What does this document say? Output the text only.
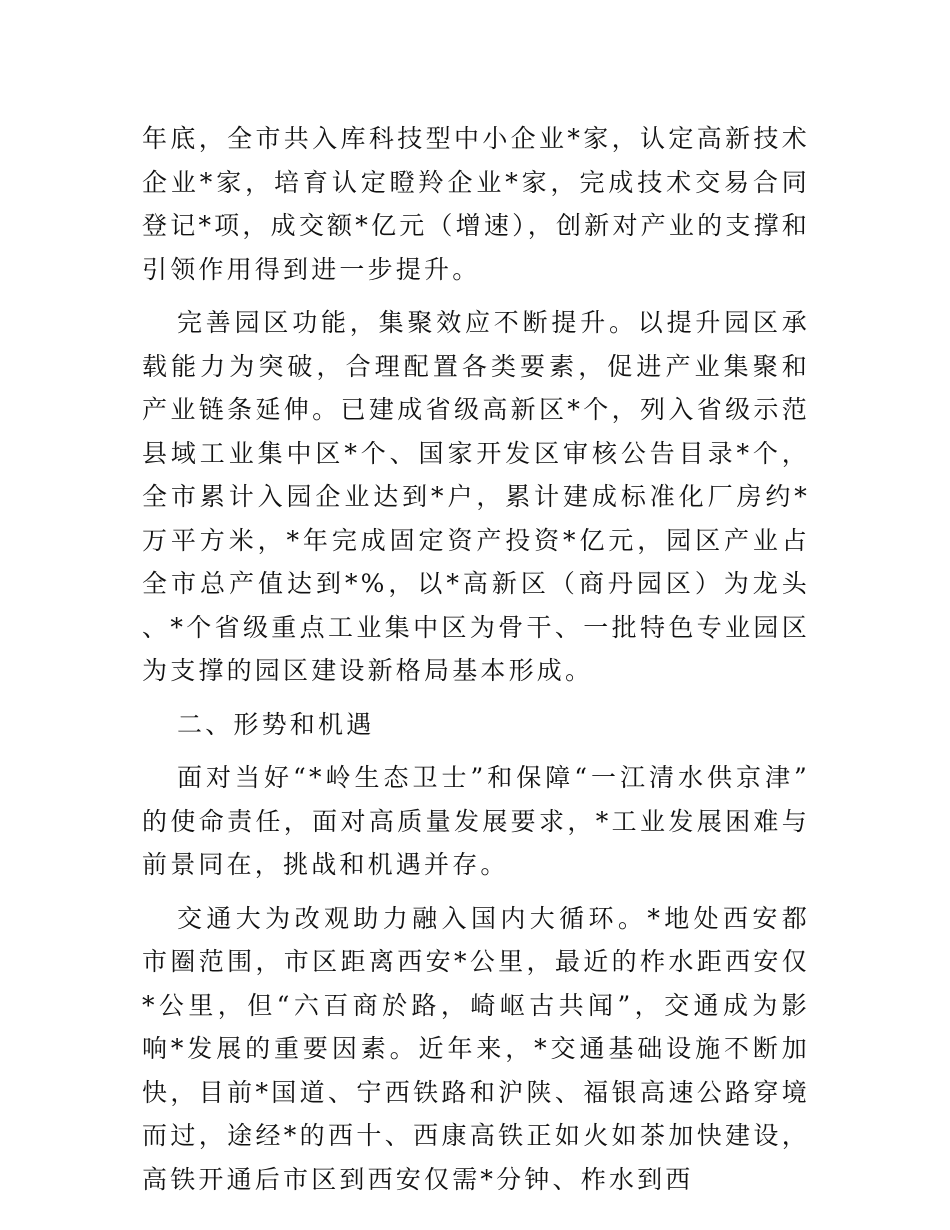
年底，全市共入库科技型中小企业*家，认定高新技术企业*家，培育认定瞪羚企业*家，完成技术交易合同登记*项，成交额*亿元（增速），创新对产业的支撑和引领作用得到进一步提升。

完善园区功能，集聚效应不断提升。以提升园区承载能力为突破，合理配置各类要素，促进产业集聚和产业链条延伸。已建成省级高新区*个，列入省级示范县域工业集中区*个、国家开发区审核公告目录*个，全市累计入园企业达到*户，累计建成标准化厂房约*万平方米，*年完成固定资产投资*亿元，园区产业占全市总产值达到*%，以*高新区（商丹园区）为龙头、*个省级重点工业集中区为骨干、一批特色专业园区为支撑的园区建设新格局基本形成。

二、形势和机遇

面对当好“*岭生态卫士”和保障“一江清水供京津”的使命责任，面对高质量发展要求，*工业发展困难与前景同在，挑战和机遇并存。

交通大为改观助力融入国内大循环。*地处西安都市圈范围，市区距离西安*公里，最近的柞水距西安仅*公里，但“六百商於路，崎岖古共闻”，交通成为影响*发展的重要因素。近年来，*交通基础设施不断加快，目前*国道、宁西铁路和沪陕、福银高速公路穿境而过，途经*的西十、西康高铁正如火如茶加快建设，高铁开通后市区到西安仅需*分钟、柞水到西
